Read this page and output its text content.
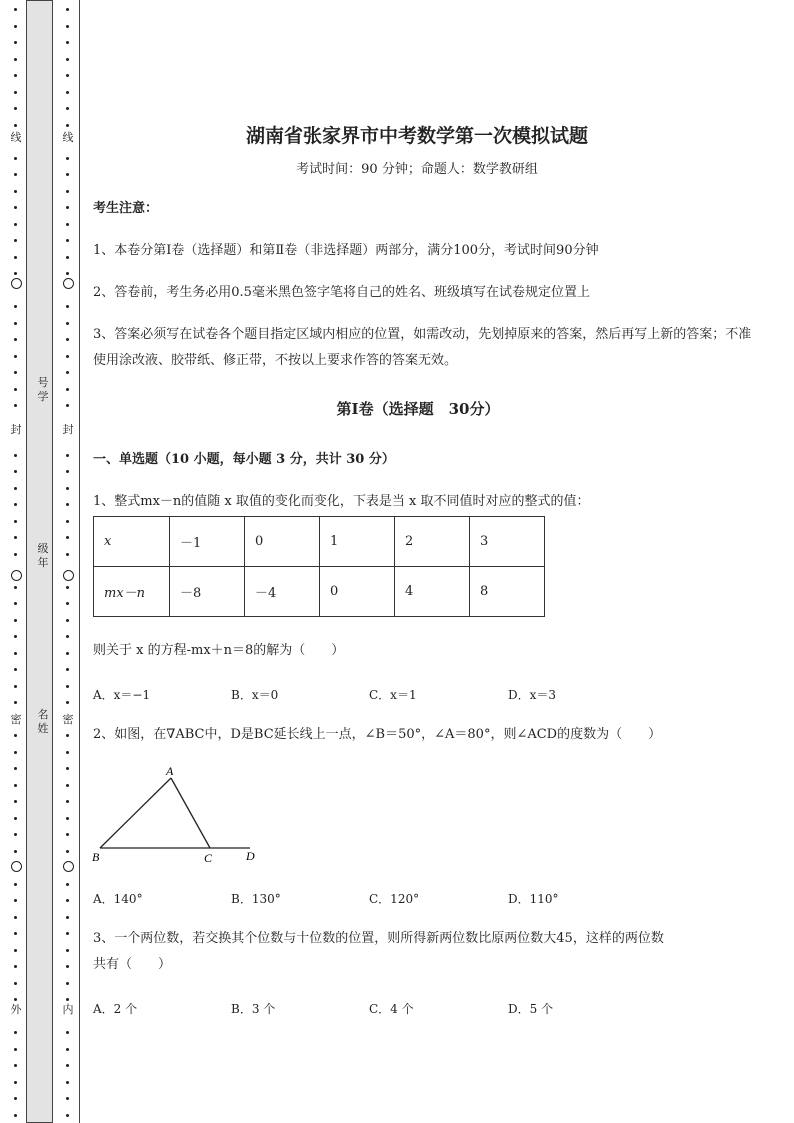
线
封
密
外
线
封
密
内
号学
级年
名姓
湖南省张家界市中考数学第一次模拟试题
考试时间：90 分钟；命题人：数学教研组
考生注意：
1、本卷分第Ⅰ卷（选择题）和第Ⅱ卷（非选择题）两部分，满分100分，考试时间90分钟
2、答卷前，考生务必用0.5毫米黑色签字笔将自己的姓名、班级填写在试卷规定位置上
3、答案必须写在试卷各个题目指定区域内相应的位置，如需改动，先划掉原来的答案，然后再写上新的答案；不准使用涂改液、胶带纸、修正带，不按以上要求作答的答案无效。
第Ⅰ卷（选择题　30分）
一、单选题（10 小题，每小题 3 分，共计 30 分）
1、整式mx－n的值随 x 取值的变化而变化，下表是当 x 取不同值时对应的整式的值：
x	－1	0	1	2	3
mx－n	－8	－4	0	4	8
则关于 x 的方程-mx＋n＝8的解为（　　）
A．x＝−1	B．x＝0	C．x＝1	D．x＝3
2、如图，在∇ABC中，D是BC延长线上一点，∠B＝50°，∠A＝80°，则∠ACD的度数为（　　）
A
B	C	D
A．140°	B．130°	C．120°	D．110°
3、一个两位数，若交换其个位数与十位数的位置，则所得新两位数比原两位数大45，这样的两位数
共有（　　）
A．2 个	B．3 个	C．4 个	D．5 个
